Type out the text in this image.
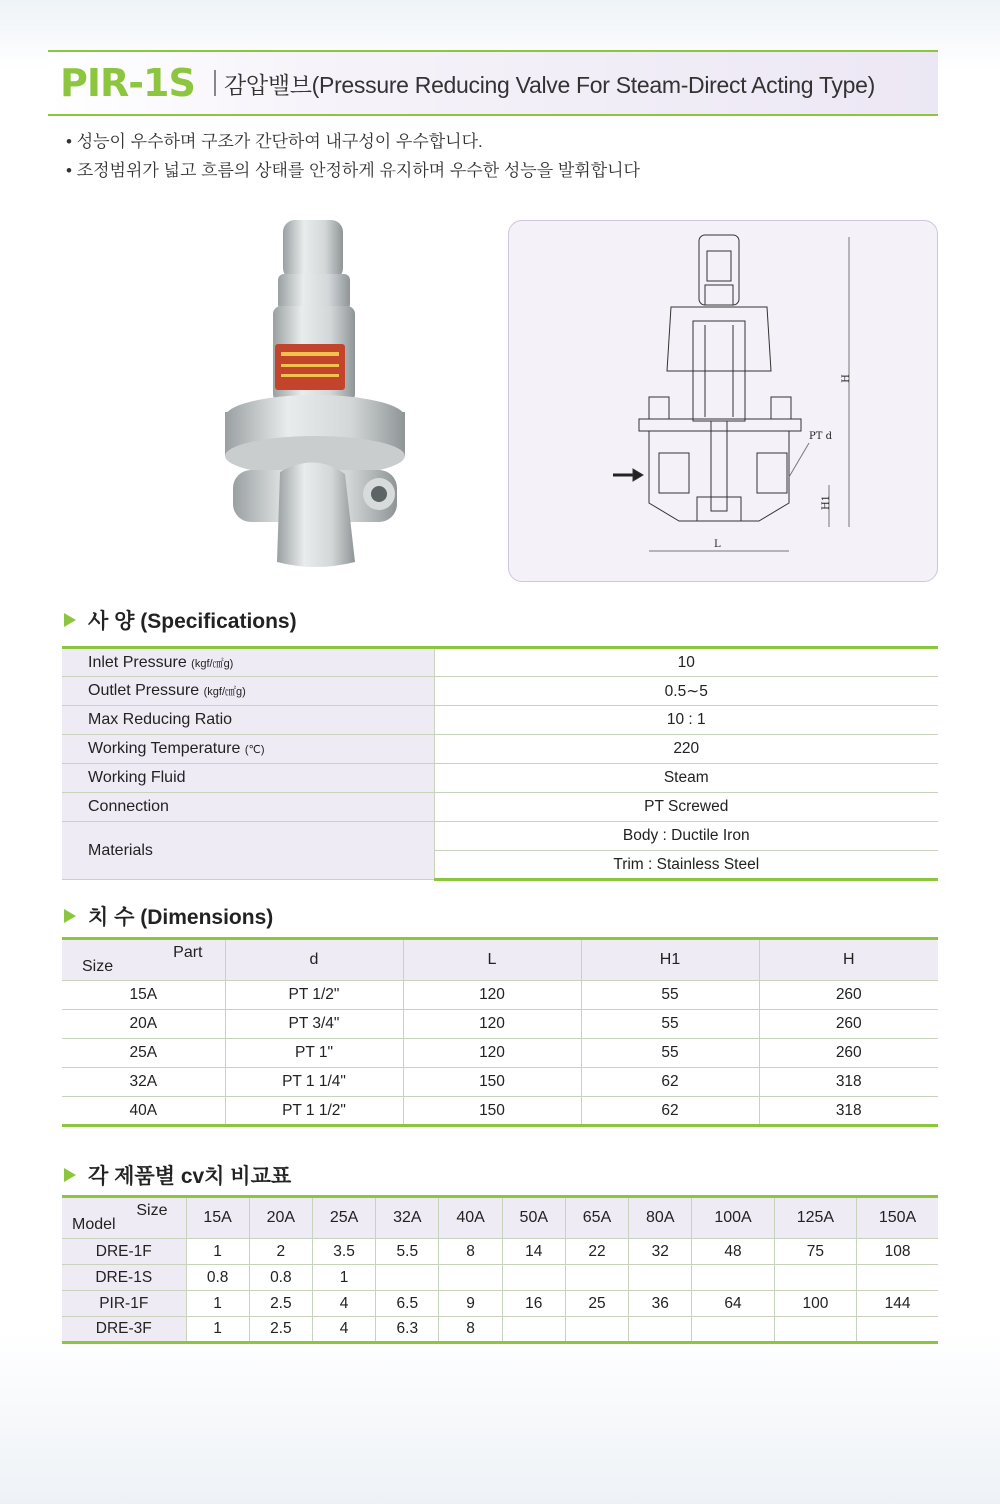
PIR-1S 감압밸브(Pressure Reducing Valve For Steam-Direct Acting Type)
• 성능이 우수하며 구조가 간단하여 내구성이 우수합니다.
• 조정범위가 넓고 흐름의 상태를 안정하게 유지하며 우수한 성능을 발휘합니다
H
H1
L
PT d
사 양 (Specifications)
Inlet Pressure (kgf/㎠g)	10
Outlet Pressure (kgf/㎠g)	0.5∼5
Max Reducing Ratio	10 : 1
Working Temperature (℃)	220
Working Fluid	Steam
Connection	PT Screwed
Materials	Body : Ductile Iron
	Trim : Stainless Steel
치 수 (Dimensions)
Part
Size	d	L	H1	H
15A	PT 1/2"	120	55	260
20A	PT 3/4"	120	55	260
25A	PT 1"	120	55	260
32A	PT 1 1/4"	150	62	318
40A	PT 1 1/2"	150	62	318
각 제품별 cv치 비교표
Size
Model	15A	20A	25A	32A	40A	50A	65A	80A	100A	125A	150A
DRE-1F	1	2	3.5	5.5	8	14	22	32	48	75	108
DRE-1S	0.8	0.8	1								
PIR-1F	1	2.5	4	6.5	9	16	25	36	64	100	144
DRE-3F	1	2.5	4	6.3	8						
